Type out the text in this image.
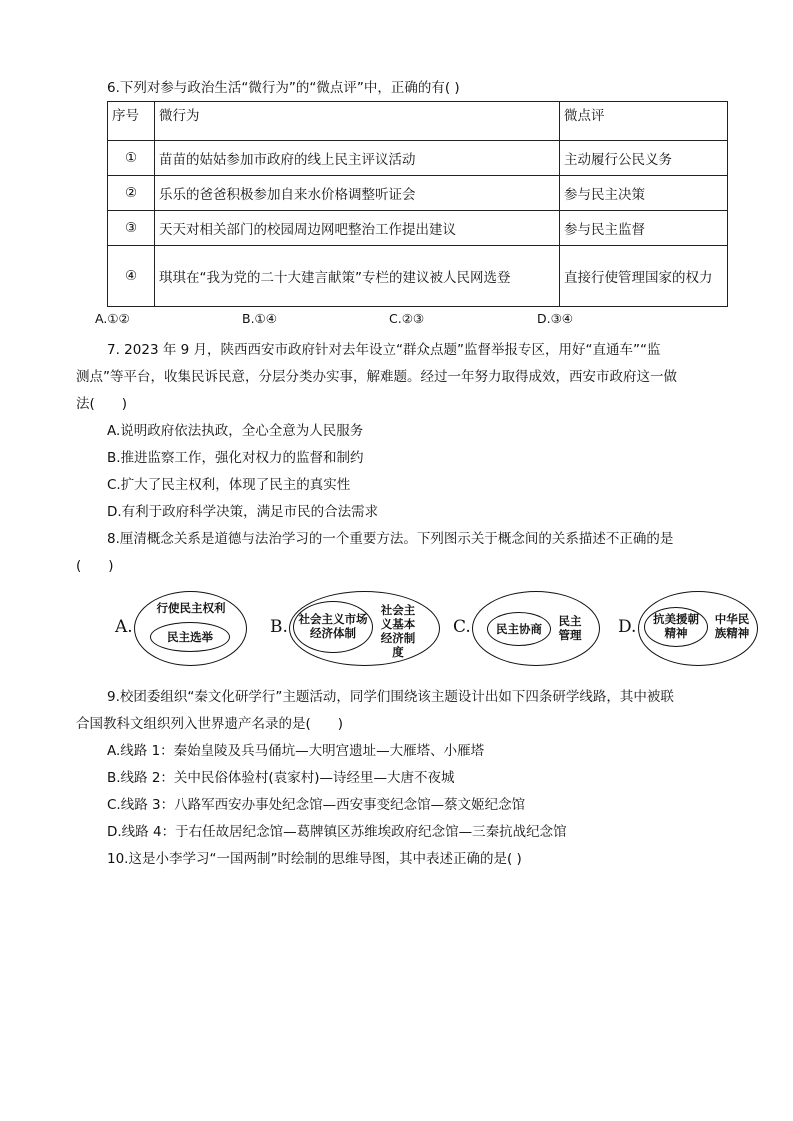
6.下列对参与政治生活“微行为”的“微点评”中，正确的有( )
序号	微行为	微点评
①	苗苗的姑姑参加市政府的线上民主评议活动	主动履行公民义务
②	乐乐的爸爸积极参加自来水价格调整听证会	参与民主决策
③	天天对相关部门的校园周边网吧整治工作提出建议	参与民主监督
④	琪琪在“我为党的二十大建言献策”专栏的建议被人民网选登	直接行使管理国家的权力
A.①②	B.①④	C.②③	D.③④
7. 2023 年 9 月，陕西西安市政府针对去年设立“群众点题”监督举报专区，用好“直通车”“监
测点”等平台，收集民诉民意，分层分类办实事，解难题。经过一年努力取得成效，西安市政府这一做
法(　　)
A.说明政府依法执政，全心全意为人民服务
B.推进监察工作，强化对权力的监督和制约
C.扩大了民主权利，体现了民主的真实性
D.有利于政府科学决策，满足市民的合法需求
8.厘清概念关系是道德与法治学习的一个重要方法。下列图示关于概念间的关系描述不正确的是
(　　)
A.
行使民主权利
民主选举	B. 社会主义市场经济体制
社会主义基本经济制度
C.	民主协商
民主管理 D. 抗美援朝精神
中华民族精神
9.校团委组织“秦文化研学行”主题活动，同学们围绕该主题设计出如下四条研学线路，其中被联
合国教科文组织列入世界遗产名录的是(　　)
A.线路 1：秦始皇陵及兵马俑坑—大明宫遗址—大雁塔、小雁塔
B.线路 2：关中民俗体验村(袁家村)—诗经里—大唐不夜城
C.线路 3：八路军西安办事处纪念馆—西安事变纪念馆—蔡文姬纪念馆
D.线路 4：于右任故居纪念馆—葛牌镇区苏维埃政府纪念馆—三秦抗战纪念馆
10.这是小李学习“一国两制”时绘制的思维导图，其中表述正确的是( )
